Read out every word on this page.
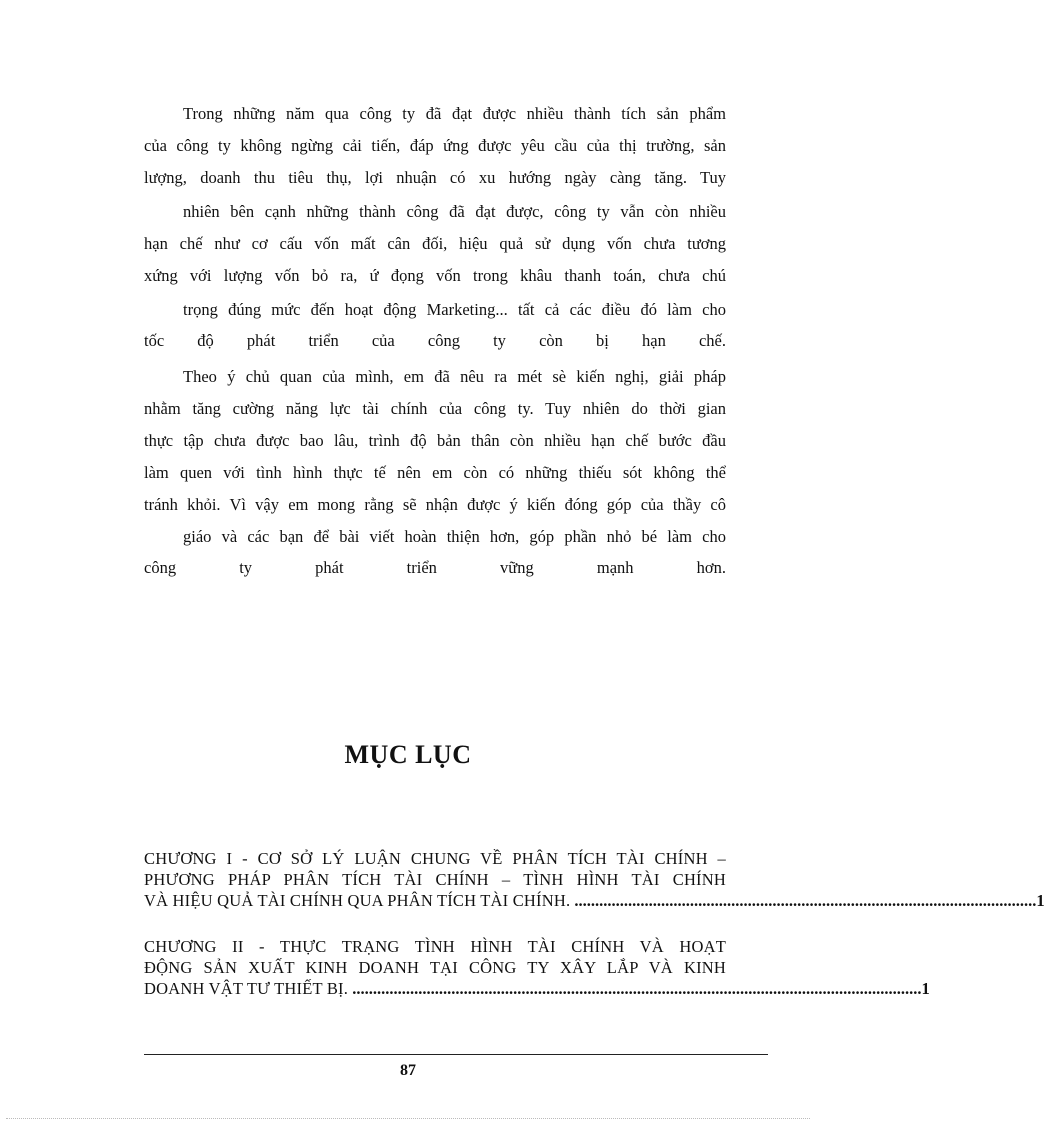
Trong những năm qua công ty đã đạt được nhiều thành tích sản phẩm
của công ty không ngừng cải tiến, đáp ứng được yêu cầu của thị trường, sản
lượng, doanh thu tiêu thụ, lợi nhuận có xu hướng ngày càng tăng. Tuy
nhiên bên cạnh những thành công đã đạt được, công ty vẫn còn nhiều
hạn chế như cơ cấu vốn mất cân đối, hiệu quả sử dụng vốn chưa tương
xứng với lượng vốn bỏ ra, ứ đọng vốn trong khâu thanh toán, chưa chú
trọng đúng mức đến hoạt động Marketing... tất cả các điều đó làm cho
tốc độ phát triển của công ty còn bị hạn chế.
Theo ý chủ quan của mình, em đã nêu ra mét sè kiến nghị, giải pháp
nhằm tăng cường năng lực tài chính của công ty. Tuy nhiên do thời gian
thực tập chưa được bao lâu, trình độ bản thân còn nhiều hạn chế bước đầu
làm quen với tình hình thực tế nên em còn có những thiếu sót không thể
tránh khỏi. Vì vậy em mong rằng sẽ nhận được ý kiến đóng góp của thầy cô
giáo và các bạn để bài viết hoàn thiện hơn, góp phần nhỏ bé làm cho
công ty phát triển vững mạnh hơn.
MỤC LỤC
CHƯƠNG I - CƠ SỞ LÝ LUẬN CHUNG VỀ PHÂN TÍCH TÀI CHÍNH –
PHƯƠNG PHÁP PHÂN TÍCH TÀI CHÍNH – TÌNH HÌNH TÀI CHÍNH
VÀ HIỆU QUẢ TÀI CHÍNH QUA PHÂN TÍCH TÀI CHÍNH. ................................................................................................................ 1
CHƯƠNG II - THỰC TRẠNG TÌNH HÌNH TÀI CHÍNH VÀ HOẠT
ĐỘNG SẢN XUẤT KINH DOANH TẠI CÔNG TY XÂY LẮP VÀ KINH
DOANH VẬT TƯ THIẾT BỊ. .......................................................................................................................................... 1
87
